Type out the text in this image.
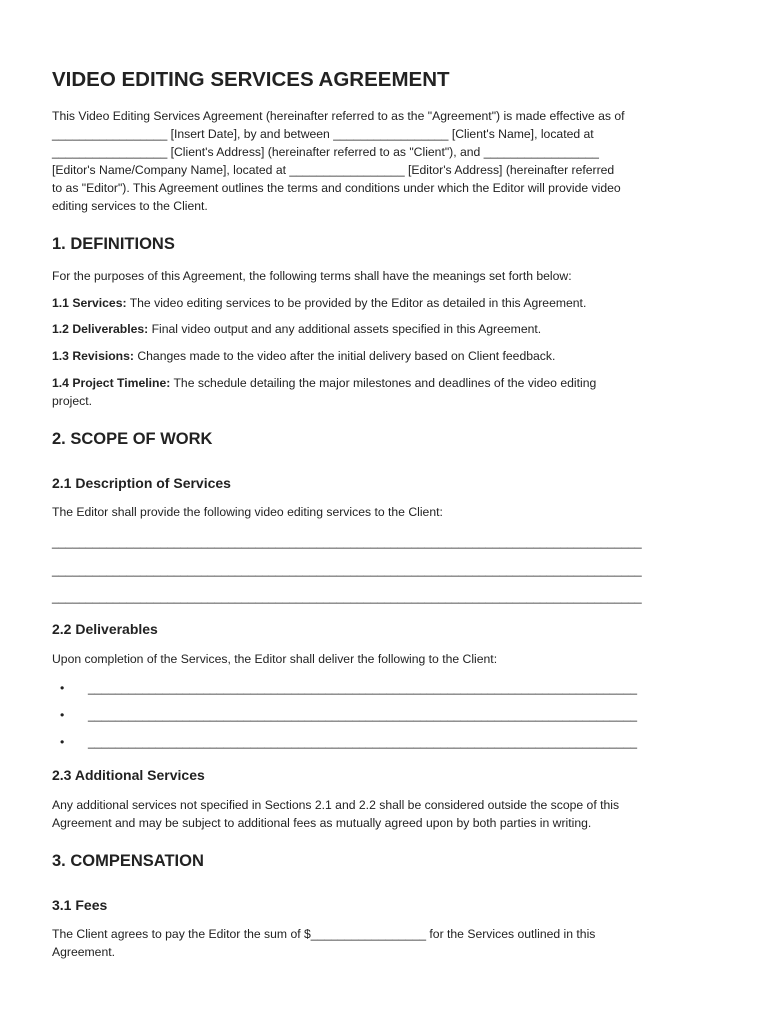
VIDEO EDITING SERVICES AGREEMENT
This Video Editing Services Agreement (hereinafter referred to as the "Agreement") is made effective as of
_________________ [Insert Date], by and between _________________ [Client's Name], located at
_________________ [Client's Address] (hereinafter referred to as "Client"), and _________________
[Editor's Name/Company Name], located at _________________ [Editor's Address] (hereinafter referred
to as "Editor"). This Agreement outlines the terms and conditions under which the Editor will provide video
editing services to the Client.
1. DEFINITIONS

For the purposes of this Agreement, the following terms shall have the meanings set forth below:

1.1 Services: The video editing services to be provided by the Editor as detailed in this Agreement.

1.2 Deliverables: Final video output and any additional assets specified in this Agreement.

1.3 Revisions: Changes made to the video after the initial delivery based on Client feedback.

1.4 Project Timeline: The schedule detailing the major milestones and deadlines of the video editing
project.

2. SCOPE OF WORK
2.1 Description of Services

The Editor shall provide the following video editing services to the Client:

_______________________________________________________________________________________

_______________________________________________________________________________________

_______________________________________________________________________________________

2.2 Deliverables

Upon completion of the Services, the Editor shall deliver the following to the Client:

• _________________________________________________________________________________

• _________________________________________________________________________________

• _________________________________________________________________________________

2.3 Additional Services

Any additional services not specified in Sections 2.1 and 2.2 shall be considered outside the scope of this
Agreement and may be subject to additional fees as mutually agreed upon by both parties in writing.

3. COMPENSATION
3.1 Fees

The Client agrees to pay the Editor the sum of $_________________ for the Services outlined in this
Agreement.
